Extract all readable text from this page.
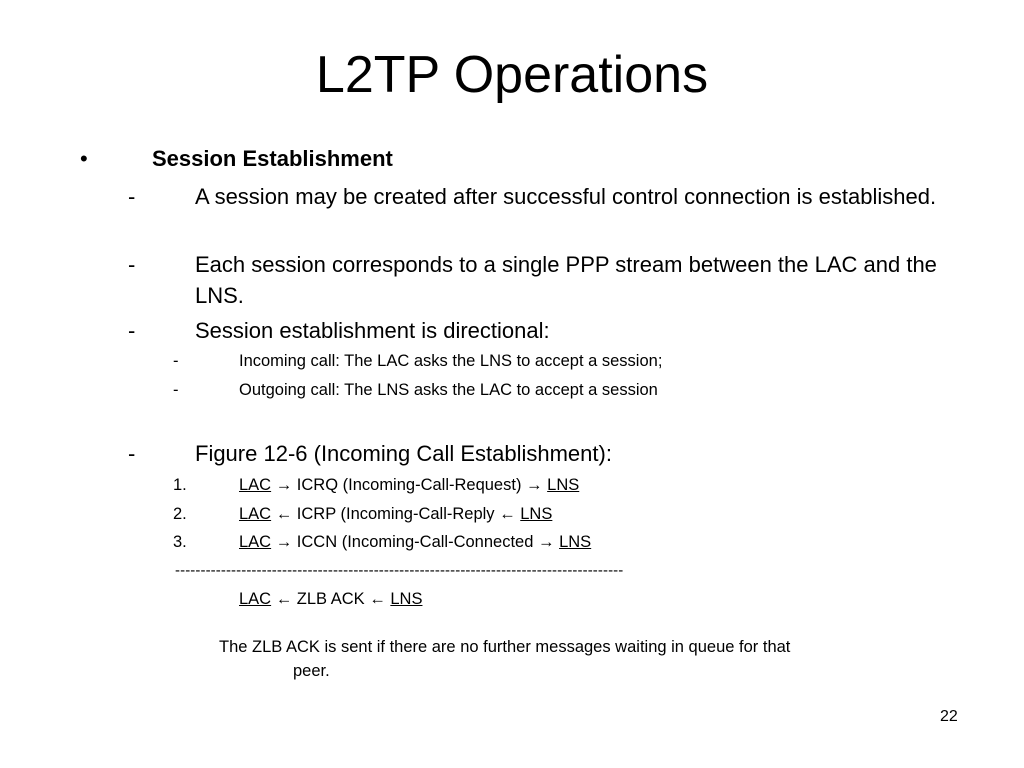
L2TP Operations
•	Session Establishment
-	A session may be created after successful control connection is established.
-	Each session corresponds to a single PPP stream between the LAC and the LNS.
-	Session establishment is directional:
-	Incoming call: The LAC asks the LNS to accept a session;
-	Outgoing call: The LNS asks the LAC to accept a session
-	Figure 12-6 (Incoming Call Establishment):
1.	LAC → ICRQ (Incoming-Call-Request) → LNS
2.	LAC ← ICRP (Incoming-Call-Reply ← LNS
3.	LAC → ICCN (Incoming-Call-Connected → LNS
----------------------------------------------------------------------------------------
LAC ← ZLB ACK ← LNS
The ZLB ACK is sent if there are no further messages waiting in queue for that
peer.
22
